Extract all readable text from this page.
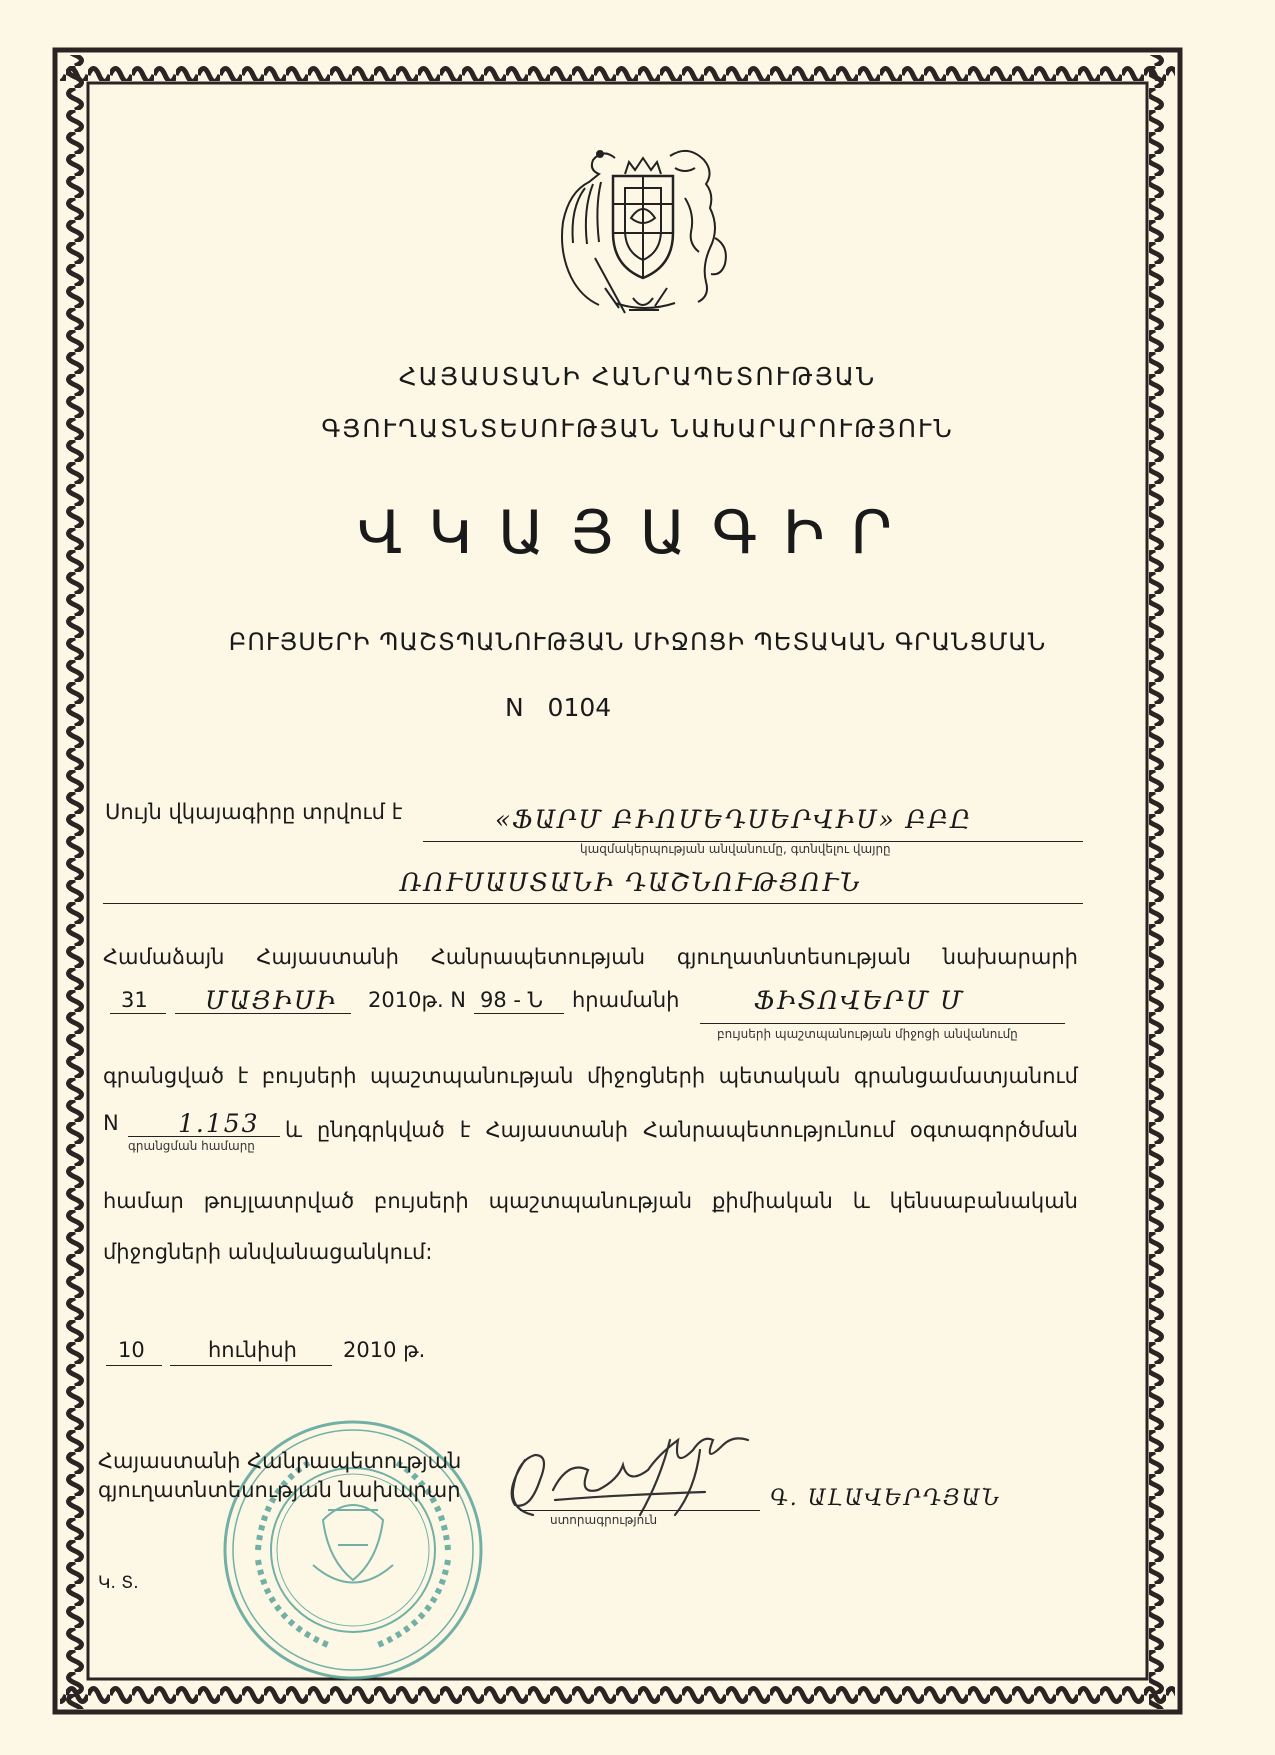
ՀԱՅԱՍՏԱՆԻ ՀԱՆՐԱՊԵՏՈՒԹՅԱՆ
ԳՅՈՒՂԱՏՆՏԵՍՈՒԹՅԱՆ ՆԱԽԱՐԱՐՈՒԹՅՈՒՆ
ՎԿԱՅԱԳԻՐ
ԲՈՒՅՍԵՐԻ ՊԱՇՏՊԱՆՈՒԹՅԱՆ ՄԻՋՈՑԻ ՊԵՏԱԿԱՆ ԳՐԱՆՑՄԱՆ
N   0104
Սույն վկայագիրը տրվում է	«ՖԱՐՄ ԲԻՈՄԵԴՍԵՐՎԻՍ» ԲԲԸ
կազմակերպության անվանումը, գտնվելու վայրը
ՌՈՒՍԱՍՏԱՆԻ ԴԱՇՆՈՒԹՅՈՒՆ
Համաձայն Հայաստանի Հանրապետության գյուղատնտեսության նախարարի
31 ՄԱՅԻՍԻ 2010թ. N 98 - Ն հրամանի	ՖԻՏՈՎԵՐՄ Մ
բույսերի պաշտպանության միջոցի անվանումը
գրանցված է բույսերի պաշտպանության միջոցների պետական գրանցամատյանում
N 1.153
գրանցման համարը
և ընդգրկված է Հայաստանի Հանրապետությունում օգտագործման
համար թույլատրված բույսերի պաշտպանության քիմիական և կենսաբանական
միջոցների անվանացանկում:
10	հունիսի 2010 թ.
Հայաստանի Հանրապետության
գյուղատնտեսության նախարար
ստորագրություն
Գ. ԱԼԱՎԵՐԴՅԱՆ
Կ. Տ.
